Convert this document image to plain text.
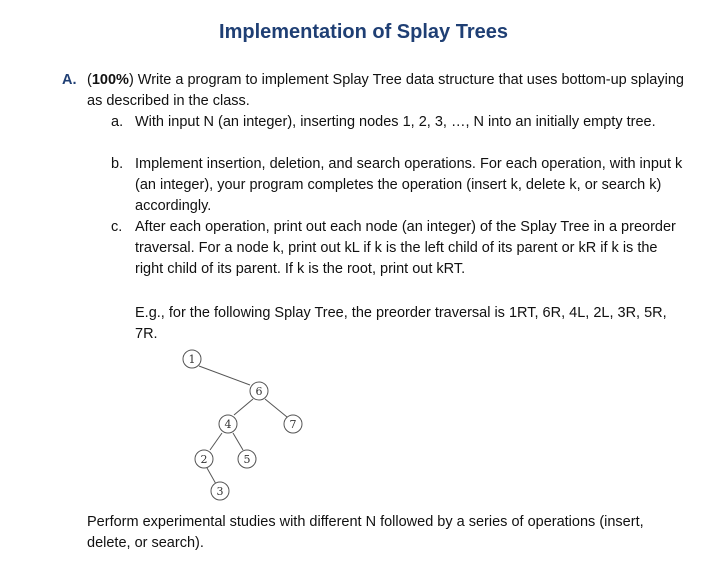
Implementation of Splay Trees
A. (100%) Write a program to implement Splay Tree data structure that uses bottom-up splaying as described in the class.
a. With input N (an integer), inserting nodes 1, 2, 3, …, N into an initially empty tree.
b. Implement insertion, deletion, and search operations. For each operation, with input k (an integer), your program completes the operation (insert k, delete k, or search k) accordingly.
c. After each operation, print out each node (an integer) of the Splay Tree in a preorder traversal. For a node k, print out kL if k is the left child of its parent or kR if k is the right child of its parent. If k is the root, print out kRT.
E.g., for the following Splay Tree, the preorder traversal is 1RT, 6R, 4L, 2L, 3R, 5R, 7R.
1
6
4	7
2	5
3
Perform experimental studies with different N followed by a series of operations (insert, delete, or search).
